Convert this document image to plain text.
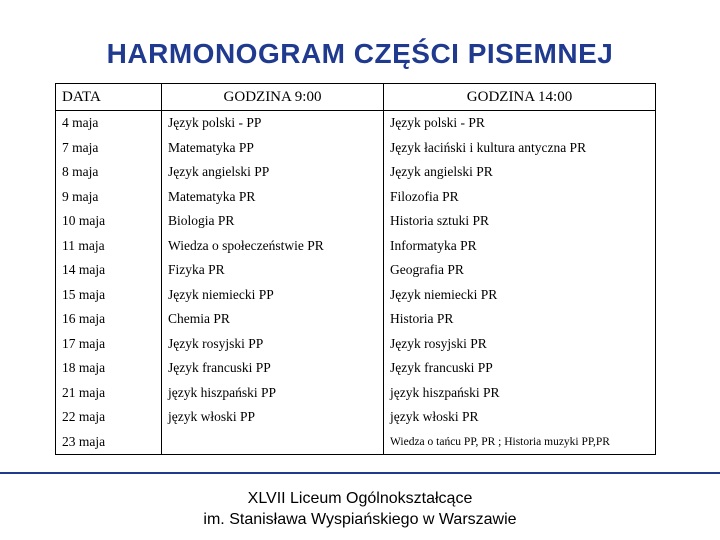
HARMONOGRAM CZĘŚCI PISEMNEJ
DATA	GODZINA 9:00	GODZINA 14:00
4 maja	Język polski - PP	Język polski - PR
7 maja	Matematyka PP	Język łaciński i kultura antyczna PR
8 maja	Język angielski PP	Język angielski PR
9 maja	Matematyka PR	Filozofia PR
10 maja	Biologia PR	Historia sztuki PR
11 maja	Wiedza o społeczeństwie PR	Informatyka PR
14 maja	Fizyka PR	Geografia PR
15 maja	Język niemiecki PP	Język niemiecki PR
16 maja	Chemia PR	Historia PR
17 maja	Język rosyjski PP	Język rosyjski PR
18 maja	Język francuski PP	Język francuski PP
21 maja	język hiszpański PP	język hiszpański PR
22 maja	język włoski PP	język włoski PR
23 maja		Wiedza o tańcu PP, PR ; Historia muzyki PP,PR
XLVII Liceum Ogólnokształcące
im. Stanisława Wyspiańskiego w Warszawie
